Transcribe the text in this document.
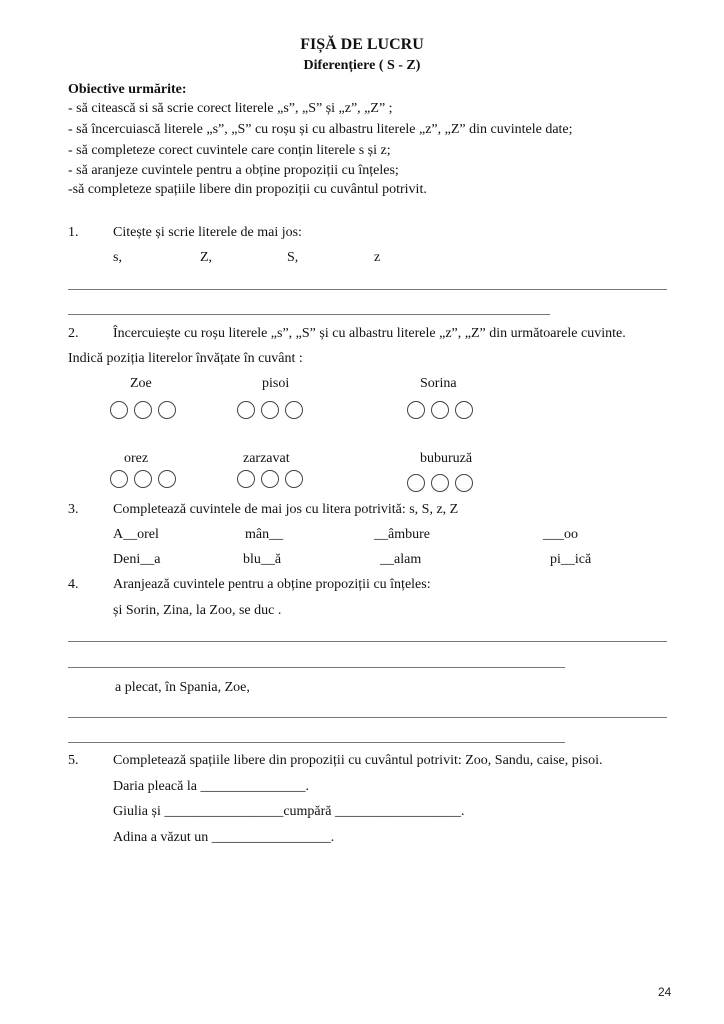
FIȘĂ DE LUCRU
Diferențiere ( S - Z)
Obiective urmărite:
- să citească si să scrie corect literele „s”, „S” și „z”, „Z” ;
- să încercuiască literele „s”, „S” cu roșu și cu albastru literele „z”, „Z” din cuvintele date;
- să completeze corect cuvintele care conțin literele s și z;
- să aranjeze cuvintele pentru a obține propoziții cu înțeles;
-să completeze spațiile libere din propoziții cu cuvântul potrivit.
1. Citește și scrie literele de mai jos:
s,	Z,	S,	z
2. Încercuiește cu roșu literele „s”, „S” și cu albastru literele „z”, „Z” din următoarele cuvinte.
Indică poziția literelor învățate în cuvânt :
Zoe	pisoi	Sorina
orez	zarzavat	buburuză
3. Completează cuvintele de mai jos cu litera potrivită: s, S, z, Z
A__orel	mân__	__âmbure	___oo
Deni__a	blu__ă	__alam	pi__ică
4. Aranjează cuvintele pentru a obține propoziții cu înțeles:
și Sorin, Zina, la Zoo, se duc .
a plecat, în Spania, Zoe,
5. Completează spațiile libere din propoziții cu cuvântul potrivit: Zoo, Sandu, caise, pisoi.
Daria pleacă la _______________.
Giulia și _________________cumpără __________________.
Adina a văzut un _________________.
24
